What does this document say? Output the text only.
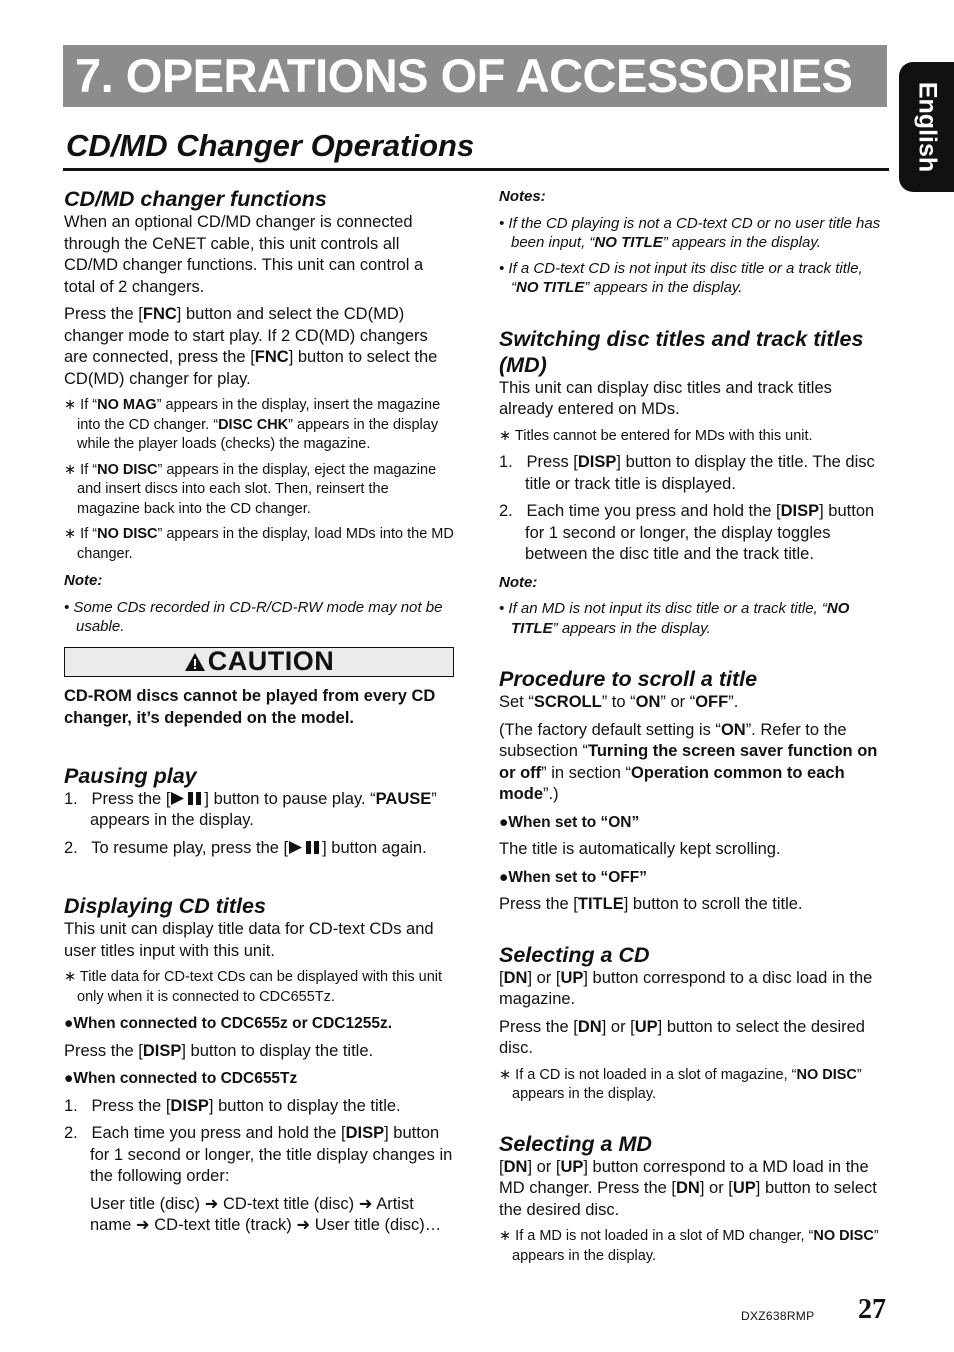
7. OPERATIONS OF ACCESSORIES
English
CD/MD Changer Operations
CD/MD changer functions

When an optional CD/MD changer is connected through the CeNET cable, this unit controls all CD/MD changer functions. This unit can control a total of 2 changers.

Press the [FNC] button and select the CD(MD) changer mode to start play. If 2 CD(MD) changers are connected, press the [FNC] button to select the CD(MD) changer for play.

∗ If “NO MAG” appears in the display, insert the magazine into the CD changer. “DISC CHK” appears in the display while the player loads (checks) the magazine.

∗ If “NO DISC” appears in the display, eject the magazine and insert discs into each slot. Then, reinsert the magazine back into the CD changer.

∗ If “NO DISC” appears in the display, load MDs into the MD changer.

Note:

• Some CDs recorded in CD-R/CD-RW mode may not be usable.

CAUTION

CD-ROM discs cannot be played from every CD changer, it’s depended on the model.

Pausing play

1. Press the [ ] button to pause play. “PAUSE” appears in the display.

2. To resume play, press the [ ] button again.

Displaying CD titles

This unit can display title data for CD-text CDs and user titles input with this unit.

∗ Title data for CD-text CDs can be displayed with this unit only when it is connected to CDC655Tz.

●When connected to CDC655z or CDC1255z.

Press the [DISP] button to display the title.

●When connected to CDC655Tz

1. Press the [DISP] button to display the title.

2. Each time you press and hold the [DISP] button for 1 second or longer, the title display changes in the following order:

User title (disc) ➜ CD-text title (disc) ➜ Artist name ➜ CD-text title (track) ➜ User title (disc)…

Notes:

• If the CD playing is not a CD-text CD or no user title has been input, “NO TITLE” appears in the display.

• If a CD-text CD is not input its disc title or a track title, “NO TITLE” appears in the display.

Switching disc titles and track titles (MD)

This unit can display disc titles and track titles already entered on MDs.

∗ Titles cannot be entered for MDs with this unit.

1. Press [DISP] button to display the title. The disc title or track title is displayed.

2. Each time you press and hold the [DISP] button for 1 second or longer, the display toggles between the disc title and the track title.

Note:

• If an MD is not input its disc title or a track title, “NO TITLE” appears in the display.

Procedure to scroll a title

Set “SCROLL” to “ON” or “OFF”.

(The factory default setting is “ON”. Refer to the subsection “Turning the screen saver function on or off” in section “Operation common to each mode”.)

●When set to “ON”

The title is automatically kept scrolling.

●When set to “OFF”

Press the [TITLE] button to scroll the title.

Selecting a CD

[DN] or [UP] button correspond to a disc load in the magazine.

Press the [DN] or [UP] button to select the desired disc.

∗ If a CD is not loaded in a slot of magazine, “NO DISC” appears in the display.

Selecting a MD

[DN] or [UP] button correspond to a MD load in the MD changer. Press the [DN] or [UP] button to select the desired disc.

∗ If a MD is not loaded in a slot of MD changer, “NO DISC” appears in the display.

DXZ638RMP 27
